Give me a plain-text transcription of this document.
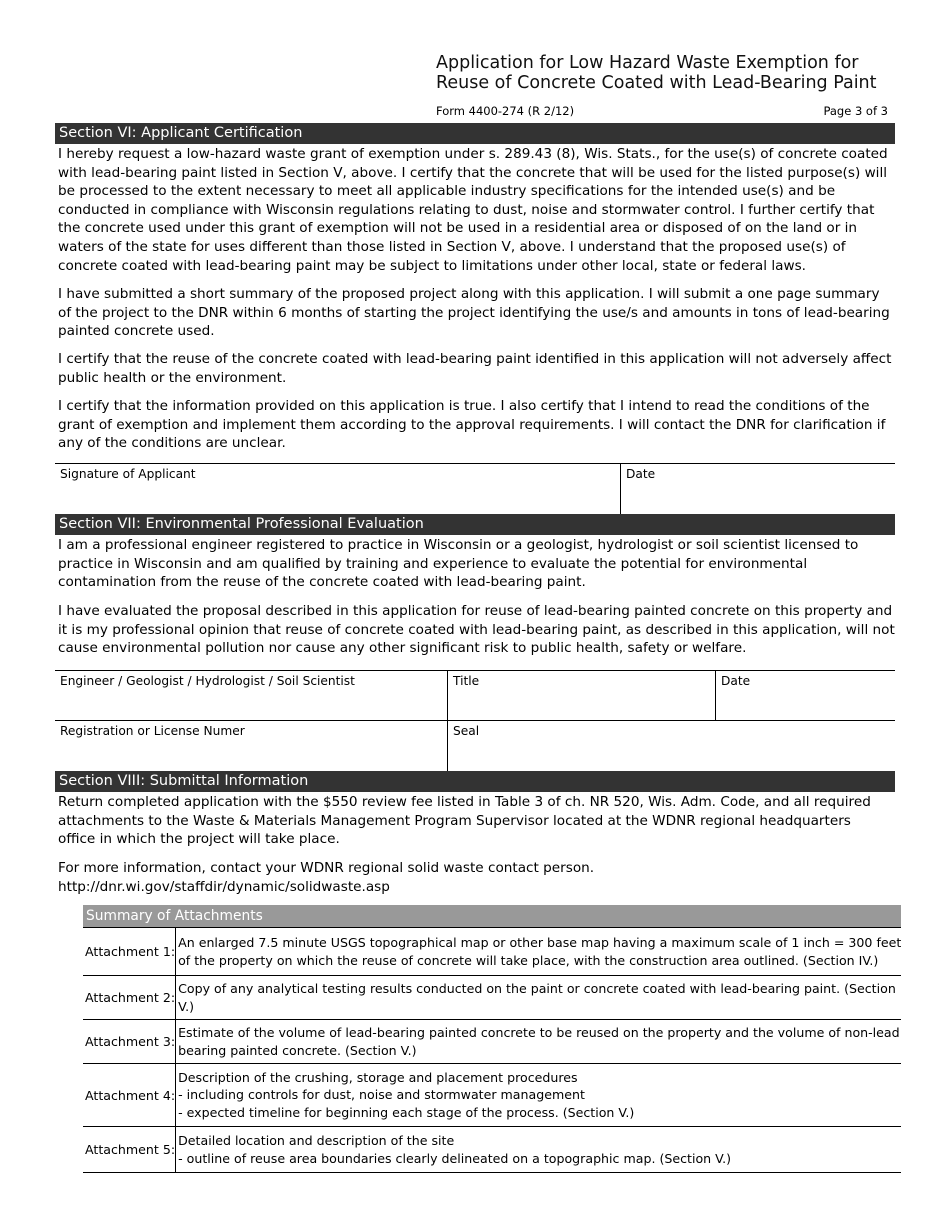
Application for Low Hazard Waste Exemption for
Reuse of Concrete Coated with Lead-Bearing Paint
Form 4400-274 (R 2/12)	Page 3 of 3
Section VI: Applicant Certification

I hereby request a low-hazard waste grant of exemption under s. 289.43 (8), Wis. Stats., for the use(s) of concrete coated
with lead-bearing paint listed in Section V, above. I certify that the concrete that will be used for the listed purpose(s) will
be processed to the extent necessary to meet all applicable industry specifications for the intended use(s) and be
conducted in compliance with Wisconsin regulations relating to dust, noise and stormwater control. I further certify that
the concrete used under this grant of exemption will not be used in a residential area or disposed of on the land or in
waters of the state for uses different than those listed in Section V, above. I understand that the proposed use(s) of
concrete coated with lead-bearing paint may be subject to limitations under other local, state or federal laws.

I have submitted a short summary of the proposed project along with this application. I will submit a one page summary
of the project to the DNR within 6 months of starting the project identifying the use/s and amounts in tons of lead-bearing
painted concrete used.

I certify that the reuse of the concrete coated with lead-bearing paint identified in this application will not adversely affect
public health or the environment.

I certify that the information provided on this application is true. I also certify that I intend to read the conditions of the
grant of exemption and implement them according to the approval requirements. I will contact the DNR for clarification if
any of the conditions are unclear.

Signature of Applicant	Date
Section VII: Environmental Professional Evaluation

I am a professional engineer registered to practice in Wisconsin or a geologist, hydrologist or soil scientist licensed to
practice in Wisconsin and am qualified by training and experience to evaluate the potential for environmental
contamination from the reuse of the concrete coated with lead-bearing paint.

I have evaluated the proposal described in this application for reuse of lead-bearing painted concrete on this property and
it is my professional opinion that reuse of concrete coated with lead-bearing paint, as described in this application, will not
cause environmental pollution nor cause any other significant risk to public health, safety or welfare.

Engineer / Geologist / Hydrologist / Soil Scientist	Title	Date
Registration or License Numer	Seal
Section VIII: Submittal Information

Return completed application with the $550 review fee listed in Table 3 of ch. NR 520, Wis. Adm. Code, and all required
attachments to the Waste & Materials Management Program Supervisor located at the WDNR regional headquarters
office in which the project will take place.

For more information, contact your WDNR regional solid waste contact person.
http://dnr.wi.gov/staffdir/dynamic/solidwaste.asp

Summary of Attachments	
Attachment 1:	An enlarged 7.5 minute USGS topographical map or other base map having a maximum scale of 1 inch = 300 feet
of the property on which the reuse of concrete will take place, with the construction area outlined. (Section IV.)

Attachment 2:	Copy of any analytical testing results conducted on the paint or concrete coated with lead-bearing paint. (Section
V.)

Attachment 3:	Estimate of the volume of lead-bearing painted concrete to be reused on the property and the volume of non-lead
bearing painted concrete. (Section V.)

Attachment 4:	Description of the crushing, storage and placement procedures
- including controls for dust, noise and stormwater management
- expected timeline for beginning each stage of the process. (Section V.)

Attachment 5:	Detailed location and description of the site
- outline of reuse area boundaries clearly delineated on a topographic map. (Section V.)
